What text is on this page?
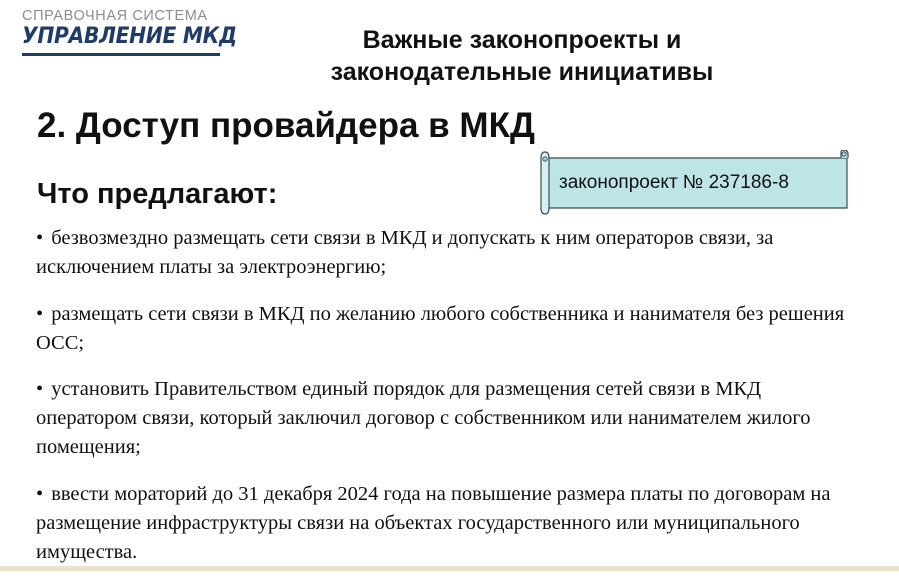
СПРАВОЧНАЯ СИСТЕМА
УПРАВЛЕНИЕ МКД	Важные законопроекты и
законодательные инициативы
2. Доступ провайдера в МКД
Что предлагают:	законопроект № 237186-8
• безвозмездно размещать сети связи в МКД и допускать к ним операторов связи, за исключением платы за электроэнергию;
• размещать сети связи в МКД по желанию любого собственника и нанимателя без решения ОСС;
• установить Правительством единый порядок для размещения сетей связи в МКД оператором связи, который заключил договор с собственником или нанимателем жилого помещения;
• ввести мораторий до 31 декабря 2024 года на повышение размера платы по договорам на размещение инфраструктуры связи на объектах государственного или муниципального имущества.
